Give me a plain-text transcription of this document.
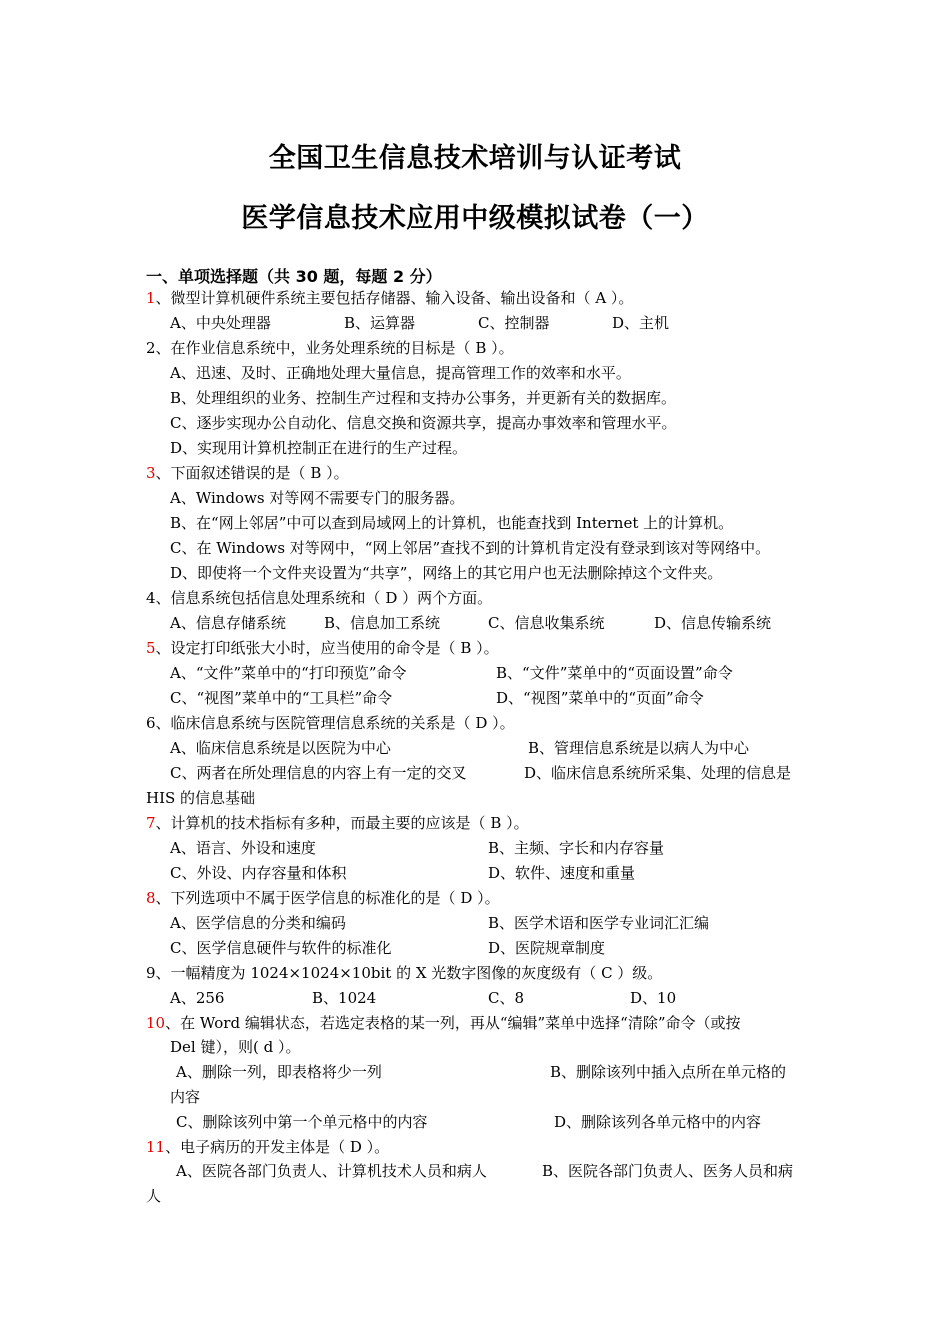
全国卫生信息技术培训与认证考试
医学信息技术应用中级模拟试卷（一）
一、单项选择题（共 30 题，每题 2 分）
1、微型计算机硬件系统主要包括存储器、输入设备、输出设备和（ A ）。
A、中央处理器	B、运算器	C、控制器	D、主机
2、在作业信息系统中，业务处理系统的目标是（ B ）。
A、迅速、及时、正确地处理大量信息，提高管理工作的效率和水平。
B、处理组织的业务、控制生产过程和支持办公事务，并更新有关的数据库。
C、逐步实现办公自动化、信息交换和资源共享，提高办事效率和管理水平。
D、实现用计算机控制正在进行的生产过程。
3、下面叙述错误的是（ B ）。
A、Windows 对等网不需要专门的服务器。
B、在“网上邻居”中可以查到局域网上的计算机，也能查找到 Internet 上的计算机。
C、在 Windows 对等网中，“网上邻居”查找不到的计算机肯定没有登录到该对等网络中。
D、即使将一个文件夹设置为“共享”，网络上的其它用户也无法删除掉这个文件夹。
4、信息系统包括信息处理系统和（ D ）两个方面。
A、信息存储系统	B、信息加工系统	C、信息收集系统	D、信息传输系统
5、设定打印纸张大小时，应当使用的命令是（ B ）。
A、“文件”菜单中的“打印预览”命令	B、“文件”菜单中的“页面设置”命令
C、“视图”菜单中的“工具栏”命令	D、“视图”菜单中的“页面”命令
6、临床信息系统与医院管理信息系统的关系是（ D ）。
A、临床信息系统是以医院为中心	B、管理信息系统是以病人为中心
C、两者在所处理信息的内容上有一定的交叉	D、临床信息系统所采集、处理的信息是
HIS 的信息基础
7、计算机的技术指标有多种，而最主要的应该是（ B ）。
A、语言、外设和速度	B、主频、字长和内存容量
C、外设、内存容量和体积	D、软件、速度和重量
8、下列选项中不属于医学信息的标准化的是（ D ）。
A、医学信息的分类和编码	B、医学术语和医学专业词汇汇编
C、医学信息硬件与软件的标准化	D、医院规章制度
9、一幅精度为 1024×1024×10bit 的 X 光数字图像的灰度级有（ C ）级。
A、256	B、1024	C、8	D、10
10、在 Word 编辑状态，若选定表格的某一列，再从“编辑”菜单中选择“清除”命令（或按
Del 键），则( d ）。
A、删除一列，即表格将少一列	B、删除该列中插入点所在单元格的
内容
C、删除该列中第一个单元格中的内容	D、删除该列各单元格中的内容
11、电子病历的开发主体是（ D ）。
A、医院各部门负责人、计算机技术人员和病人	B、医院各部门负责人、医务人员和病
人
